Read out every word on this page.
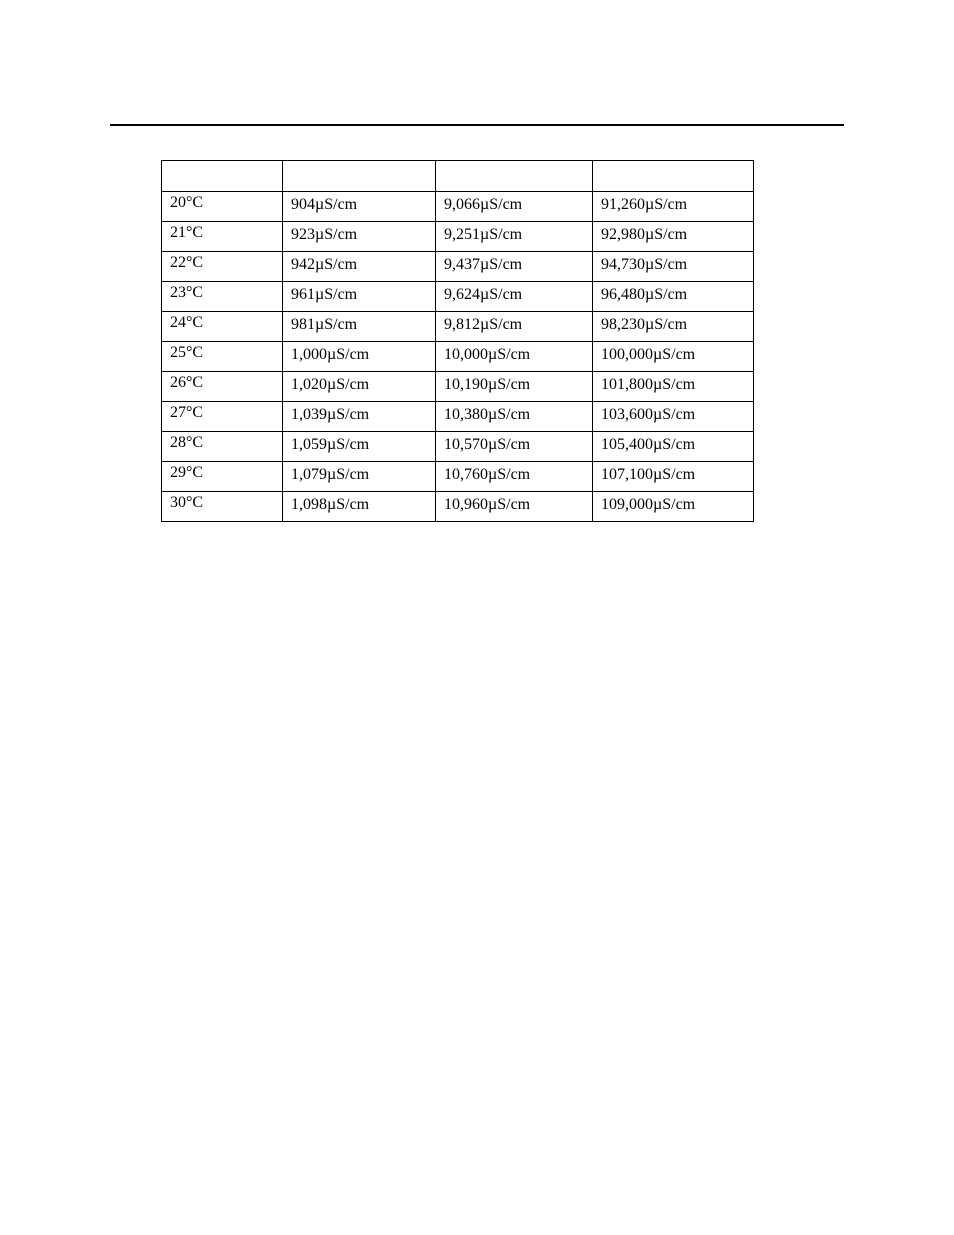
20°C	904µS/cm	9,066µS/cm	91,260µS/cm
21°C	923µS/cm	9,251µS/cm	92,980µS/cm
22°C	942µS/cm	9,437µS/cm	94,730µS/cm
23°C	961µS/cm	9,624µS/cm	96,480µS/cm
24°C	981µS/cm	9,812µS/cm	98,230µS/cm
25°C	1,000µS/cm	10,000µS/cm	100,000µS/cm
26°C	1,020µS/cm	10,190µS/cm	101,800µS/cm
27°C	1,039µS/cm	10,380µS/cm	103,600µS/cm
28°C	1,059µS/cm	10,570µS/cm	105,400µS/cm
29°C	1,079µS/cm	10,760µS/cm	107,100µS/cm
30°C	1,098µS/cm	10,960µS/cm	109,000µS/cm
